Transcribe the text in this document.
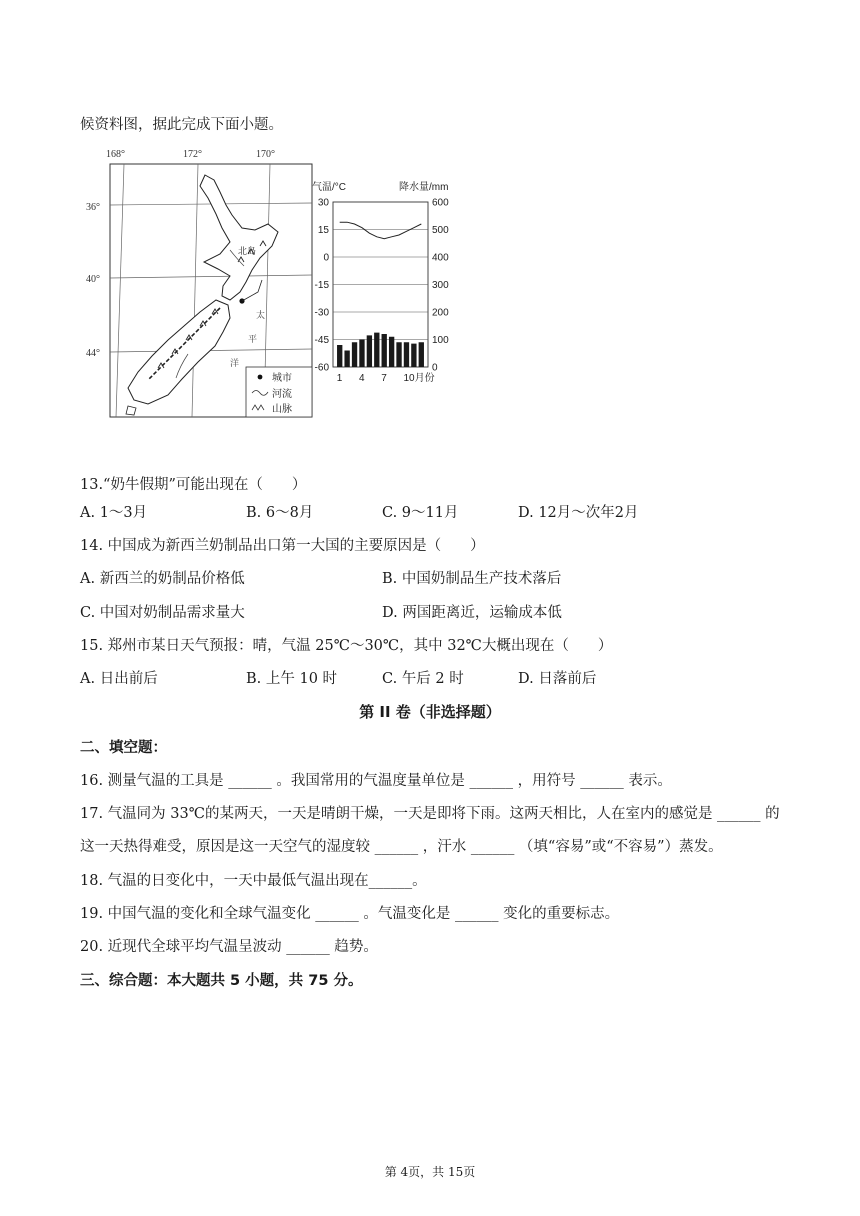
候资料图，据此完成下面小题。
168°	172°	170°
36°
40°
44°
北岛
太
平
洋
城市
河流
山脉
气温/°C	降水量/mm
30
15
0
-15
-30
-45
-60
600
500
400
300
200
100
0
1 4 7 10月份
13.“奶牛假期”可能出现在（　　）
A. 1～3月	B. 6～8月	C. 9～11月	D. 12月～次年2月
14. 中国成为新西兰奶制品出口第一大国的主要原因是（　　）
A. 新西兰的奶制品价格低	B. 中国奶制品生产技术落后
C. 中国对奶制品需求量大	D. 两国距离近，运输成本低
15. 郑州市某日天气预报：晴，气温 25℃～30℃，其中 32℃大概出现在（　　）
A. 日出前后	B. 上午 10 时	C. 午后 2 时	D. 日落前后
第 II 卷（非选择题）
二、填空题：
16. 测量气温的工具是 ______ 。我国常用的气温度量单位是 ______ ，用符号 ______ 表示。
17. 气温同为 33℃的某两天，一天是晴朗干燥，一天是即将下雨。这两天相比，人在室内的感觉是 ______ 的
这一天热得难受，原因是这一天空气的湿度较 ______ ，汗水 ______ （填“容易”或“不容易”）蒸发。
18. 气温的日变化中，一天中最低气温出现在______。
19. 中国气温的变化和全球气温变化 ______ 。气温变化是 ______ 变化的重要标志。
20. 近现代全球平均气温呈波动 ______ 趋势。
三、综合题：本大题共 5 小题，共 75 分。
第 4页，共 15页
